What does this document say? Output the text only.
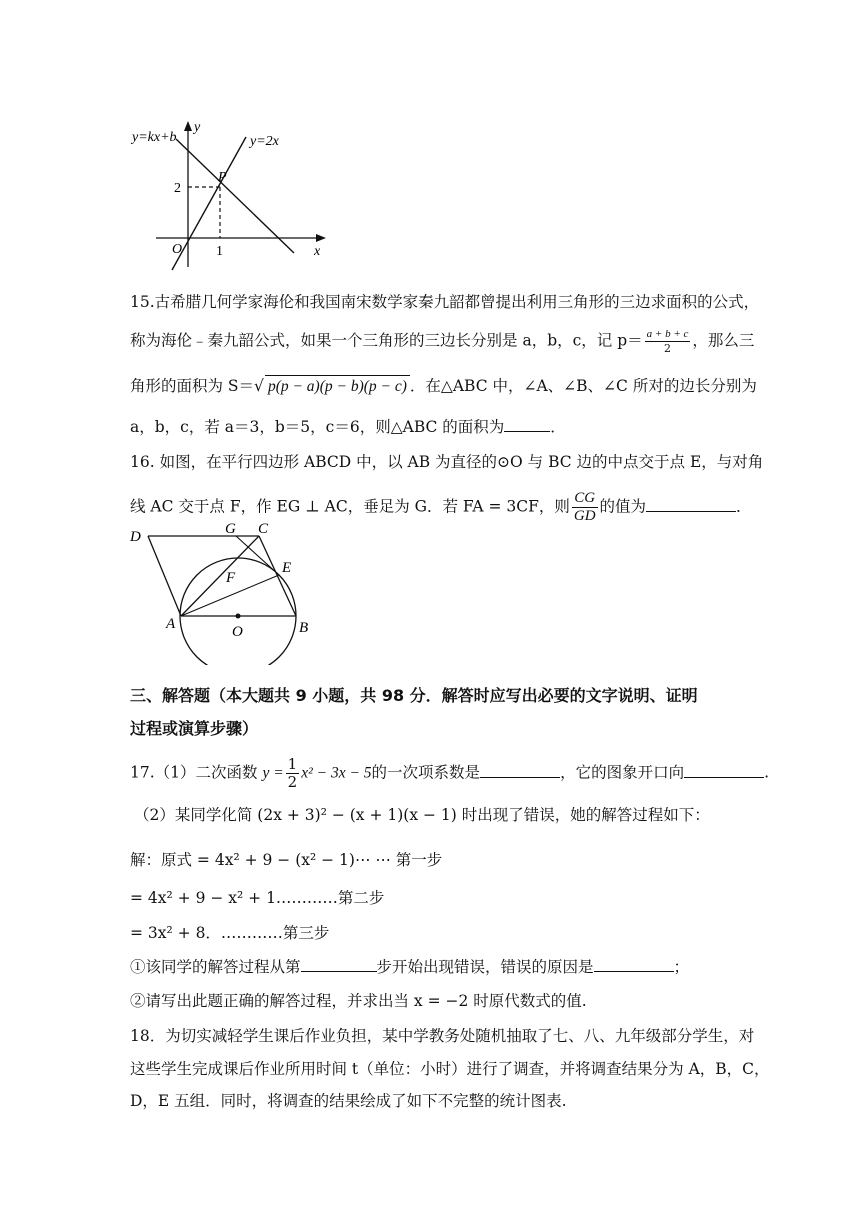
y=kx+b
y
y=2x
P
2
O 1	x
15.古希腊几何学家海伦和我国南宋数学家秦九韶都曾提出利用三角形的三边求面积的公式，
称为海伦﹣秦九韶公式，如果一个三角形的三边长分别是 a，b，c，记 $p= \frac{a + b + c}{2}$ ，那么三
角形的面积为 S＝√ p(p − a)(p − b)(p − c) ．在△ABC 中，∠A、∠B、∠C 所对的边长分别为
a，b，c，若 a＝3，b＝5，c＝6，则△ABC 的面积为	．
16. 如图，在平行四边形 ABCD 中，以 AB 为直径的⊙O 与 BC 边的中点交于点 E，与对角
线 AC 交于点 F，作 EG ⊥ AC，垂足为 G．若 FA = 3CF，则 $\frac{CG}{GD}$ 的值为	．
D	G C
E
F
A	O	B
三、解答题（本大题共 9 小题，共 98 分．解答时应写出必要的文字说明、证明
过程或演算步骤）
17.（1）二次函数 $y = \frac{1}{2} x^2 - 3x - 5$的一次项系数是	，它的图象开口向	.
（2）某同学化简 (2x + 3)² − (x + 1)(x − 1) 时出现了错误，她的解答过程如下：
解：原式 = 4x² + 9 − (x² − 1)⋯ ⋯ 第一步
= 4x² + 9 − x² + 1…………第二步
= 3x² + 8．…………第三步
①该同学的解答过程从第	步开始出现错误，错误的原因是	；
②请写出此题正确的解答过程，并求出当 x = −2 时原代数式的值.
18．为切实减轻学生课后作业负担，某中学教务处随机抽取了七、八、九年级部分学生，对
这些学生完成课后作业所用时间 t（单位：小时）进行了调查，并将调查结果分为 A，B，C，
D，E 五组．同时，将调查的结果绘成了如下不完整的统计图表.
